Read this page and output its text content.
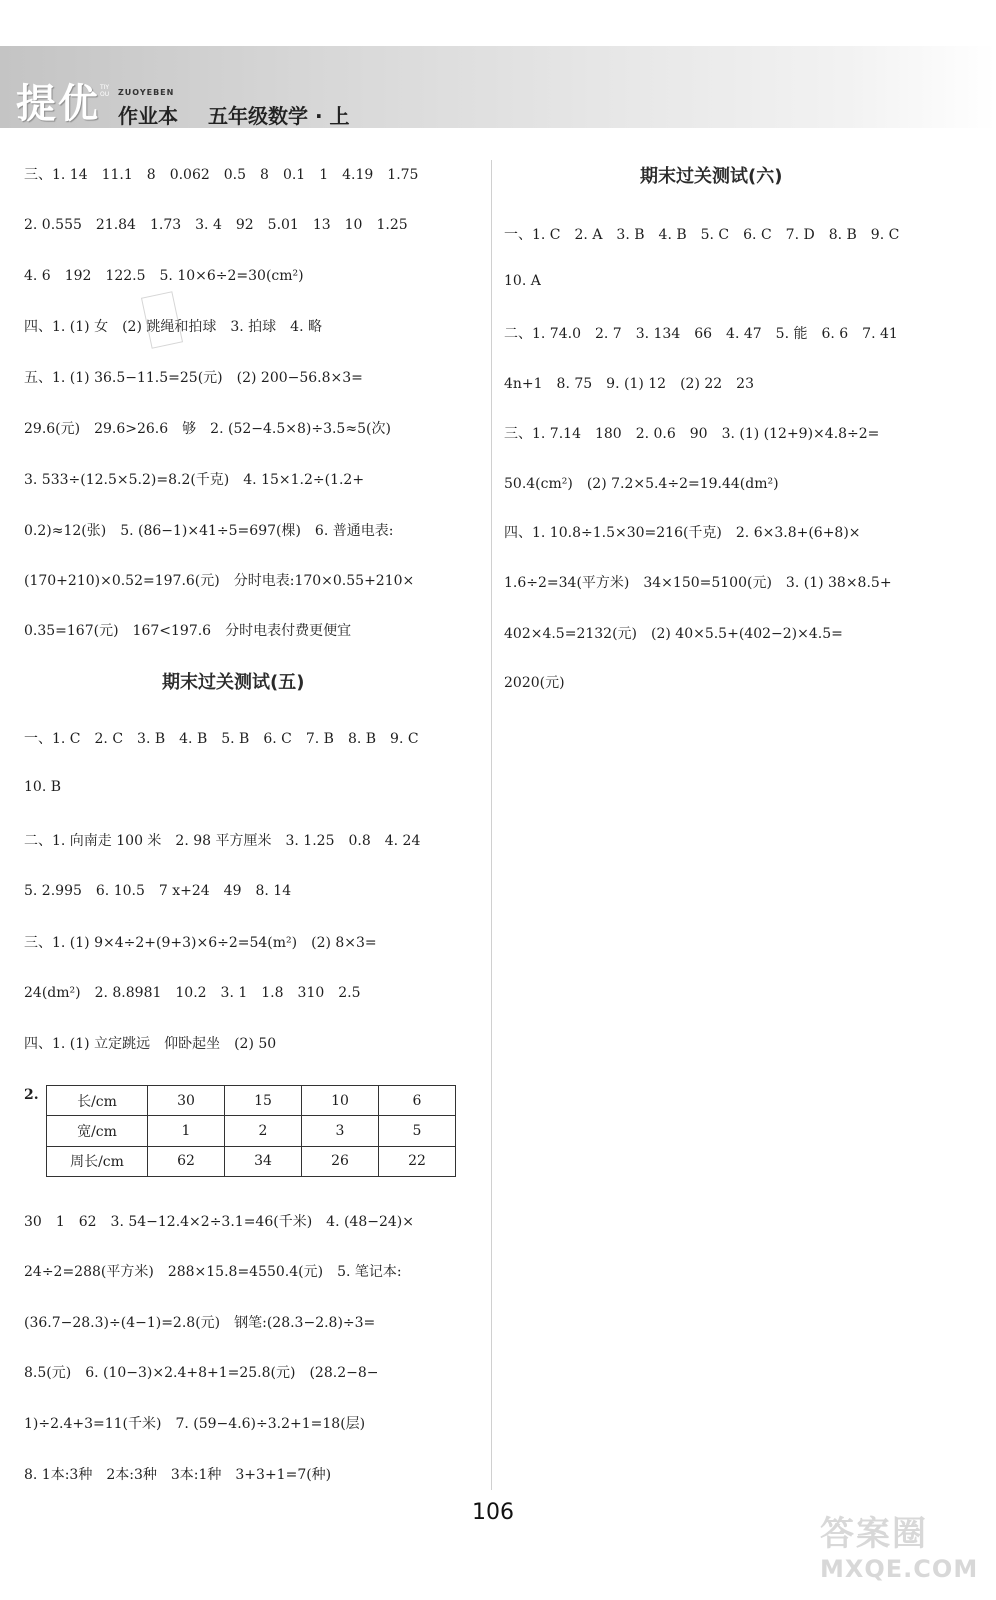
提优 TIYOU ZUOYEBEN
作业本 五年级数学 · 上
三、1. 14　11.1　8　0.062　0.5　8　0.1　1　4.19　1.75
2. 0.555　21.84　1.73　3. 4　92　5.01　13　10　1.25
4. 6　192　122.5　5. 10×6÷2=30(cm²)
四、1. (1) 女　(2) 跳绳和拍球　3. 拍球　4. 略
五、1. (1) 36.5−11.5=25(元)　(2) 200−56.8×3=
29.6(元)　29.6>26.6　够　2. (52−4.5×8)÷3.5≈5(次)
3. 533÷(12.5×5.2)=8.2(千克)　4. 15×1.2÷(1.2+
0.2)≈12(张)　5. (86−1)×41÷5=697(棵)　6. 普通电表:
(170+210)×0.52=197.6(元)　分时电表:170×0.55+210×
0.35=167(元)　167<197.6　分时电表付费更便宜
期末过关测试(五)
一、1. C　2. C　3. B　4. B　5. B　6. C　7. B　8. B　9. C
10. B
二、1. 向南走 100 米　2. 98 平方厘米　3. 1.25　0.8　4. 24
5. 2.995　6. 10.5　7 x+24　49　8. 14
三、1. (1) 9×4÷2+(9+3)×6÷2=54(m²)　(2) 8×3=
24(dm²)　2. 8.8981　10.2　3. 1　1.8　310　2.5
四、1. (1) 立定跳远　仰卧起坐　(2) 50
2.	长/cm	30	15	10	6
宽/cm	1	2	3	5
周长/cm	62	34	26	22
30　1　62　3. 54−12.4×2÷3.1=46(千米)　4. (48−24)×
24÷2=288(平方米)　288×15.8=4550.4(元)　5. 笔记本:
(36.7−28.3)÷(4−1)=2.8(元)　钢笔:(28.3−2.8)÷3=
8.5(元)　6. (10−3)×2.4+8+1=25.8(元)　(28.2−8−
1)÷2.4+3=11(千米)　7. (59−4.6)÷3.2+1=18(层)
8. 1本:3种　2本:3种　3本:1种　3+3+1=7(种)
期末过关测试(六)
一、1. C　2. A　3. B　4. B　5. C　6. C　7. D　8. B　9. C
10. A
二、1. 74.0　2. 7　3. 134　66　4. 47　5. 能　6. 6　7. 41
4n+1　8. 75　9. (1) 12　(2) 22　23
三、1. 7.14　180　2. 0.6　90　3. (1) (12+9)×4.8÷2=
50.4(cm²)　(2) 7.2×5.4÷2=19.44(dm²)
四、1. 10.8÷1.5×30=216(千克)　2. 6×3.8+(6+8)×
1.6÷2=34(平方米)　34×150=5100(元)　3. (1) 38×8.5+
402×4.5=2132(元)　(2) 40×5.5+(402−2)×4.5=
2020(元)
106
答案圈
MXQE.COM
